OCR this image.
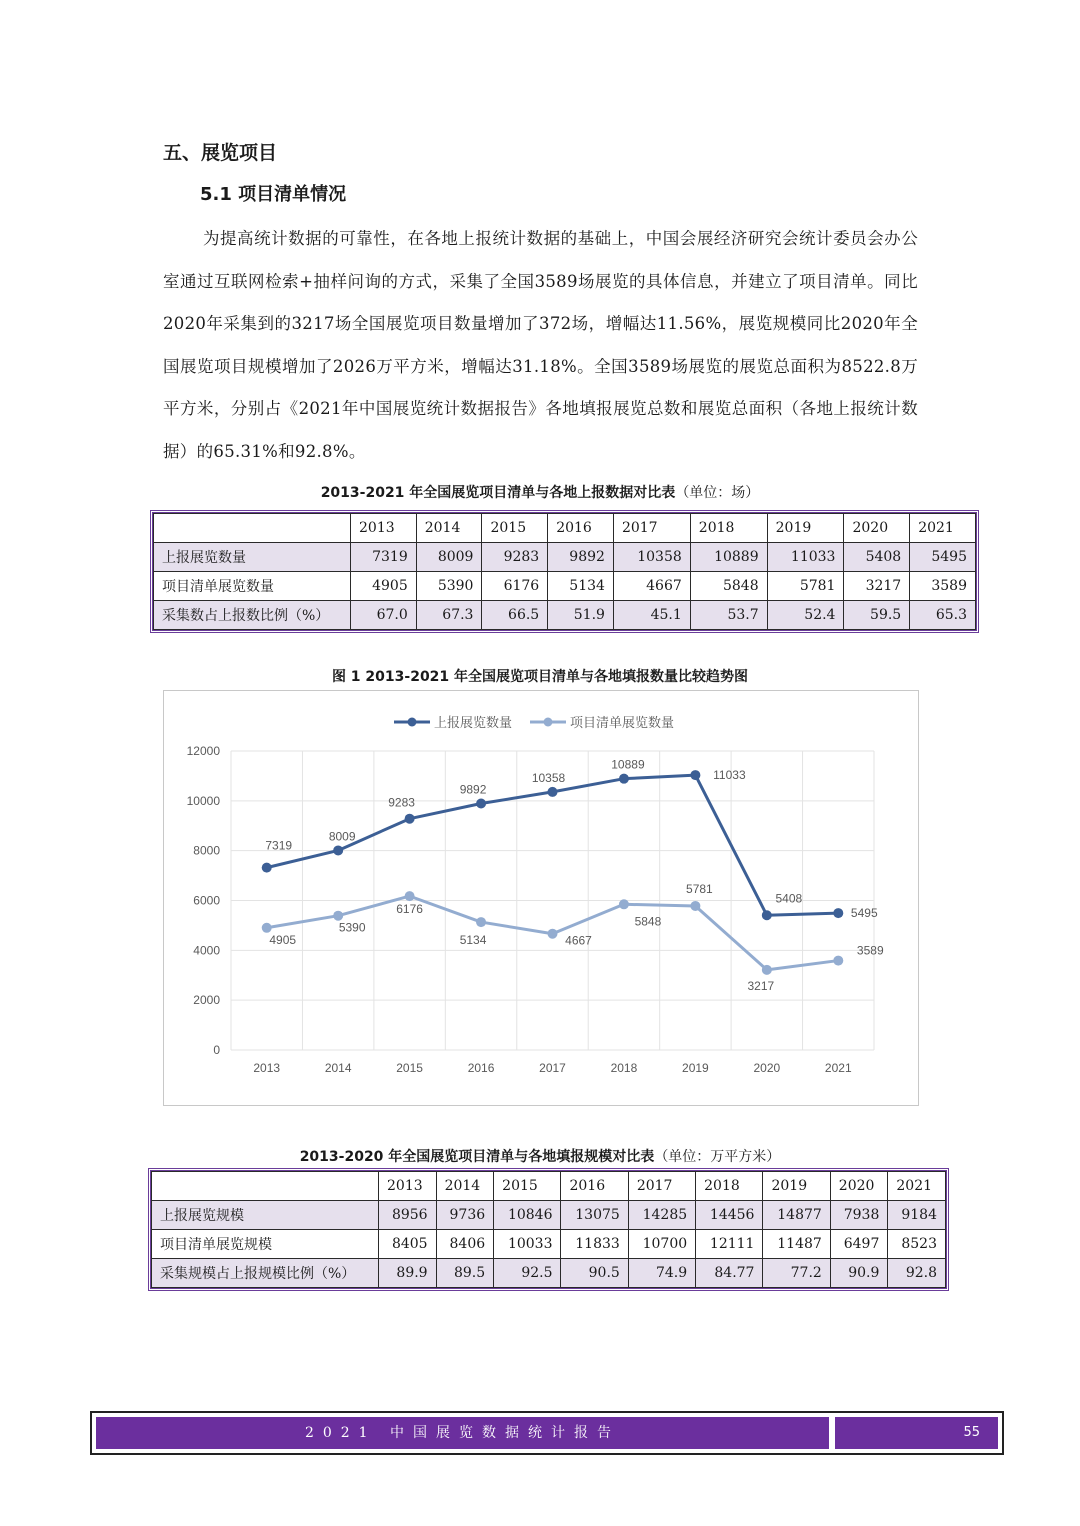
五、展览项目
5.1 项目清单情况
为提高统计数据的可靠性，在各地上报统计数据的基础上，中国会展经济研究会统计委员会办公室通过互联网检索+抽样问询的方式，采集了全国3589场展览的具体信息，并建立了项目清单。同比2020年采集到的3217场全国展览项目数量增加了372场，增幅达11.56%，展览规模同比2020年全国展览项目规模增加了2026万平方米，增幅达31.18%。全国3589场展览的展览总面积为8522.8万平方米，分别占《2021年中国展览统计数据报告》各地填报展览总数和展览总面积（各地上报统计数据）的65.31%和92.8%。
2013-2021 年全国展览项目清单与各地上报数据对比表（单位：场）
	2013	2014	2015	2016	2017	2018	2019	2020	2021
上报展览数量	7319	8009	9283	9892	10358	10889	11033	5408	5495
项目清单展览数量	4905	5390	6176	5134	4667	5848	5781	3217	3589
采集数占上报数比例（%）	67.0	67.3	66.5	51.9	45.1	53.7	52.4	59.5	65.3
图 1 2013-2021 年全国展览项目清单与各地填报数量比较趋势图
0
2000
4000
6000
8000
10000
12000
2013	2014	2015	2016	2017	2018	2019	2020	2021
上报展览数量	项目清单展览数量
7319
8009
9283
9892
10358
10889
11033
5408
5495
4905
5390
6176
5134	4667
5848
5781
3217
3589
2013-2020 年全国展览项目清单与各地填报规模对比表（单位：万平方米）
	2013	2014	2015	2016	2017	2018	2019	2020	2021
上报展览规模	8956	9736	10846	13075	14285	14456	14877	7938	9184
项目清单展览规模	8405	8406	10033	11833	10700	12111	11487	6497	8523
采集规模占上报规模比例（%）	89.9	89.5	92.5	90.5	74.9	84.77	77.2	90.9	92.8
2021 中国展览数据统计报告	55
